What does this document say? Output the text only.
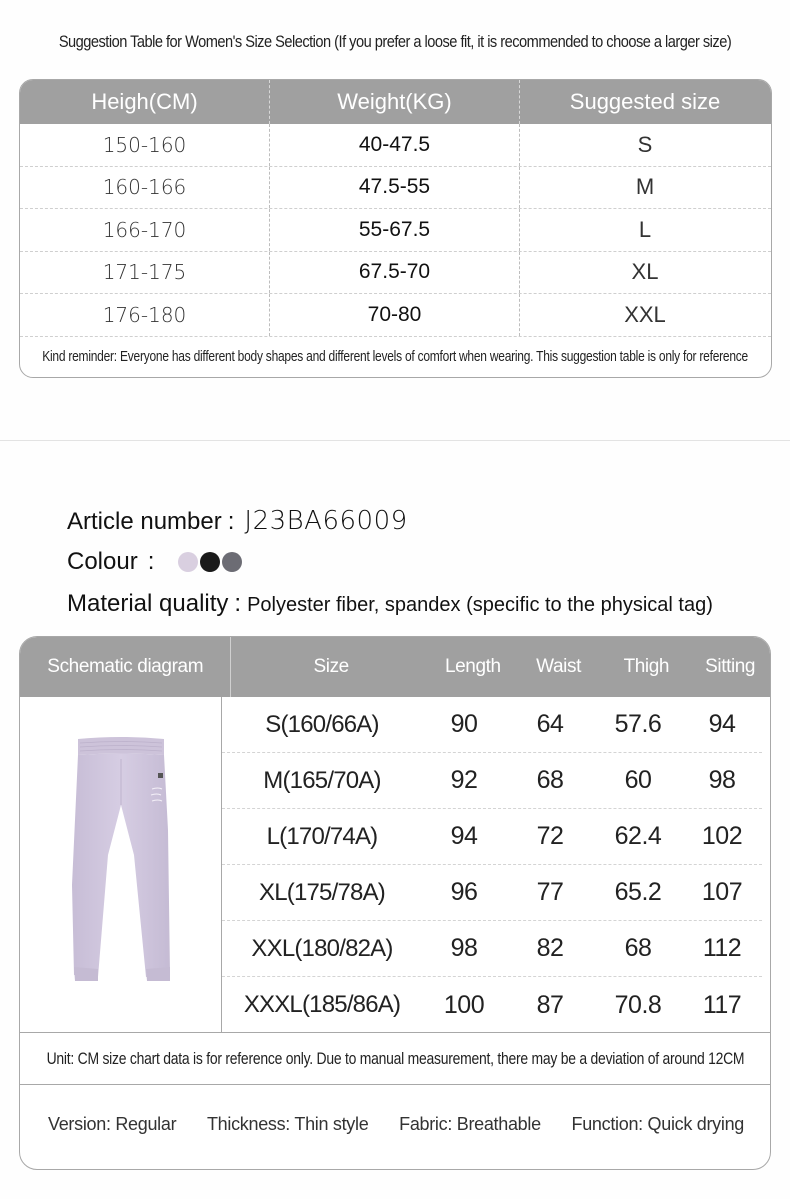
Suggestion Table for Women's Size Selection (If you prefer a loose fit, it is recommended to choose a larger size)
Heigh(CM)	Weight(KG)	Suggested size
150-160	40-47.5	S
160-166	47.5-55	M
166-170	55-67.5	L
171-175	67.5-70	XL
176-180	70-80	XXL
Kind reminder: Everyone has different body shapes and different levels of comfort when wearing. This suggestion table is only for reference
Article number : J23BA66009
Colour :
Material quality : Polyester fiber, spandex (specific to the physical tag)
Schematic diagram	Size	Length	Waist	Thigh	Sitting
S(160/66A)	90	64	57.6	94
M(165/70A)	92	68	60	98
L(170/74A)	94	72	62.4	102
XL(175/78A)	96	77	65.2	107
XXL(180/82A)	98	82	68	112
XXXL(185/86A)	100	87	70.8	117
Unit: CM size chart data is for reference only. Due to manual measurement, there may be a deviation of around 12CM
Version: Regular Thickness: Thin style Fabric: Breathable Function: Quick drying
